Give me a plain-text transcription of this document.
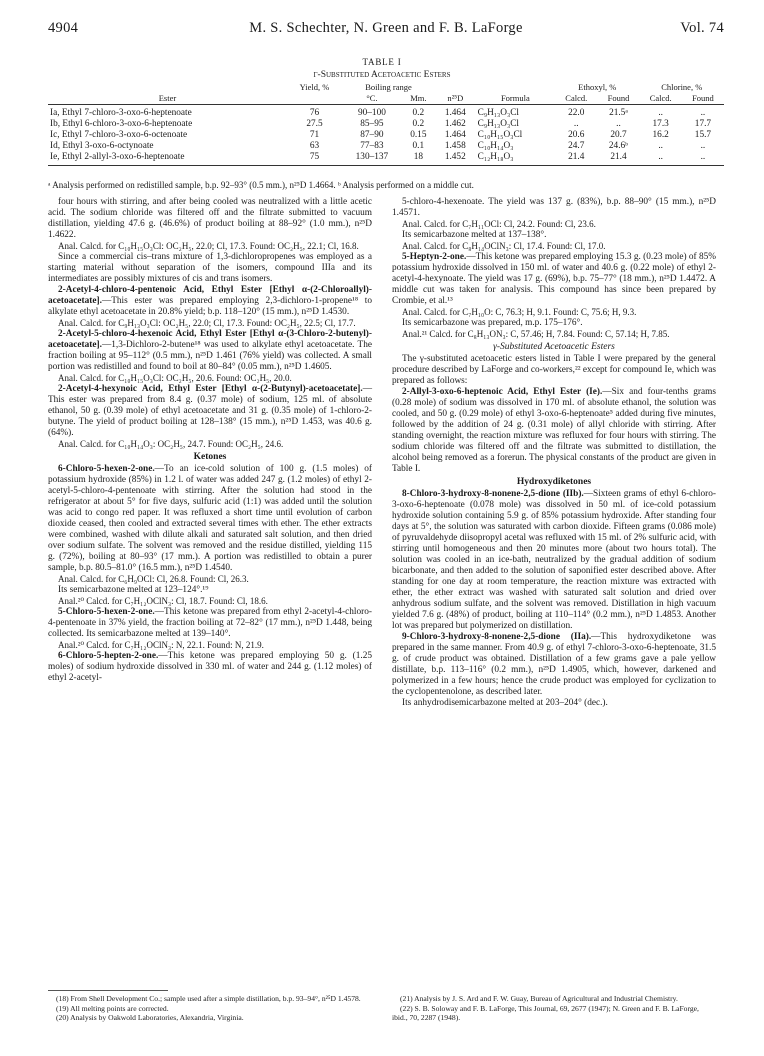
4904	M. S. Schechter, N. Green and F. B. LaForge	Vol. 74
TABLE I
γ-Substituted Acetoacetic Esters
	Yield, %	Boiling range				Ethoxyl, %		Chlorine, %	
Ester		°C.	Mm.	n²⁵D	Formula	Calcd.	Found	Calcd.	Found
Ia, Ethyl 7-chloro-3-oxo-6-heptenoate	76	90–100	0.2	1.464	C₉H₁₃O₃Cl	22.0	21.5ᵃ	..	..
Ib, Ethyl 6-chloro-3-oxo-6-heptenoate	27.5	85–95	0.2	1.462	C₉H₁₃O₃Cl	..	..	17.3	17.7
Ic, Ethyl 7-chloro-3-oxo-6-octenoate	71	87–90	0.15	1.464	C₁₀H₁₅O₃Cl	20.6	20.7	16.2	15.7
Id, Ethyl 3-oxo-6-octynoate	63	77–83	0.1	1.458	C₁₀H₁₄O₃	24.7	24.6ᵇ	..	..
Ie, Ethyl 2-allyl-3-oxo-6-heptenoate	75	130–137	18	1.452	C₁₂H₁₈O₃	21.4	21.4	..	..
ᵃ Analysis performed on redistilled sample, b.p. 92–93° (0.5 mm.), n²⁵D 1.4664. ᵇ Analysis performed on a middle cut.

four hours with stirring, and after being cooled was neutralized with a little acetic acid. The sodium chloride was filtered off and the filtrate submitted to vacuum distillation, yielding 47.6 g. (46.6%) of product boiling at 88–92° (1.0 mm.), n²⁵D 1.4622.

Anal. Calcd. for C₁₀H₁₅O₃Cl: OC₂H₅, 22.0; Cl, 17.3. Found: OC₂H₅, 22.1; Cl, 16.8.

Since a commercial cis–trans mixture of 1,3-dichloropropenes was employed as a starting material without separation of the isomers, compound IIIa and its intermediates are possibly mixtures of cis and trans isomers.

2-Acetyl-4-chloro-4-pentenoic Acid, Ethyl Ester [Ethyl α-(2-Chloroallyl)-acetoacetate].—This ester was prepared employing 2,3-dichloro-1-propene¹⁸ to alkylate ethyl acetoacetate in 20.8% yield; b.p. 118–120° (15 mm.), n²⁵D 1.4530.

Anal. Calcd. for C₉H₁₃O₃Cl: OC₂H₅, 22.0; Cl, 17.3. Found: OC₂H₅, 22.5; Cl, 17.7.

2-Acetyl-5-chloro-4-hexenoic Acid, Ethyl Ester [Ethyl α-(3-Chloro-2-butenyl)-acetoacetate].—1,3-Dichloro-2-butene¹⁸ was used to alkylate ethyl acetoacetate. The fraction boiling at 95–112° (0.5 mm.), n²⁵D 1.461 (76% yield) was collected. A small portion was redistilled and found to boil at 80–84° (0.05 mm.), n²⁵D 1.4605.

Anal. Calcd. for C₁₀H₁₅O₃Cl: OC₂H₅, 20.6. Found: OC₂H₅, 20.0.

2-Acetyl-4-hexynoic Acid, Ethyl Ester [Ethyl α-(2-Butynyl)-acetoacetate].—This ester was prepared from 8.4 g. (0.37 mole) of sodium, 125 ml. of absolute ethanol, 50 g. (0.39 mole) of ethyl acetoacetate and 31 g. (0.35 mole) of 1-chloro-2-butyne. The yield of product boiling at 128–138° (15 mm.), n²⁵D 1.453, was 40.6 g. (64%).

Anal. Calcd. for C₁₀H₁₄O₃: OC₂H₅, 24.7. Found: OC₂H₅, 24.6.

Ketones

6-Chloro-5-hexen-2-one.—To an ice-cold solution of 100 g. (1.5 moles) of potassium hydroxide (85%) in 1.2 l. of water was added 247 g. (1.2 moles) of ethyl 2-acetyl-5-chloro-4-pentenoate with stirring. After the solution had stood in the refrigerator at about 5° for five days, sulfuric acid (1:1) was added until the solution was acid to congo red paper. It was refluxed a short time until evolution of carbon dioxide ceased, then cooled and extracted several times with ether. The ether extracts were combined, washed with dilute alkali and saturated salt solution, and then dried over sodium sulfate. The solvent was removed and the residue distilled, yielding 115 g. (72%), boiling at 80–93° (17 mm.). A portion was redistilled to obtain a purer sample, b.p. 80.5–81.0° (16.5 mm.), n²⁵D 1.4540.

Anal. Calcd. for C₆H₉OCl: Cl, 26.8. Found: Cl, 26.3.

Its semicarbazone melted at 123–124°.¹⁹

Anal.²⁰ Calcd. for C₇H₁₂OClN₃: Cl, 18.7. Found: Cl, 18.6.

5-Chloro-5-hexen-2-one.—This ketone was prepared from ethyl 2-acetyl-4-chloro-4-pentenoate in 37% yield, the fraction boiling at 72–82° (17 mm.), n²⁵D 1.448, being collected. Its semicarbazone melted at 139–140°.

Anal.²⁰ Calcd. for C₇H₁₂OClN₃: N, 22.1. Found: N, 21.9.

6-Chloro-5-hepten-2-one.—This ketone was prepared employing 50 g. (1.25 moles) of sodium hydroxide dissolved in 330 ml. of water and 244 g. (1.12 moles) of ethyl 2-acetyl-

5-chloro-4-hexenoate. The yield was 137 g. (83%), b.p. 88–90° (15 mm.), n²⁵D 1.4571.

Anal. Calcd. for C₇H₁₁OCl: Cl, 24.2. Found: Cl, 23.6.

Its semicarbazone melted at 137–138°.

Anal. Calcd. for C₈H₁₄OClN₃: Cl, 17.4. Found: Cl, 17.0.

5-Heptyn-2-one.—This ketone was prepared employing 15.3 g. (0.23 mole) of 85% potassium hydroxide dissolved in 150 ml. of water and 40.6 g. (0.22 mole) of ethyl 2-acetyl-4-hexynoate. The yield was 17 g. (69%), b.p. 75–77° (18 mm.), n²⁵D 1.4472. A middle cut was taken for analysis. This compound has since been prepared by Crombie, et al.¹³

Anal. Calcd. for C₇H₁₀O: C, 76.3; H, 9.1. Found: C, 75.6; H, 9.3.

Its semicarbazone was prepared, m.p. 175–176°.

Anal.²¹ Calcd. for C₈H₁₃ON₃: C, 57.46; H, 7.84. Found: C, 57.14; H, 7.85.

γ-Substituted Acetoacetic Esters

The γ-substituted acetoacetic esters listed in Table I were prepared by the general procedure described by LaForge and co-workers,²² except for compound Ie, which was prepared as follows:

2-Allyl-3-oxo-6-heptenoic Acid, Ethyl Ester (Ie).—Six and four-tenths grams (0.28 mole) of sodium was dissolved in 170 ml. of absolute ethanol, the solution was cooled, and 50 g. (0.29 mole) of ethyl 3-oxo-6-heptenoate⁵ added during five minutes, followed by the addition of 24 g. (0.31 mole) of allyl chloride with stirring. After standing overnight, the reaction mixture was refluxed for four hours with stirring. The sodium chloride was filtered off and the filtrate was submitted to distillation, the alcohol being removed as a forerun. The physical constants of the product are given in Table I.

Hydroxydiketones

8-Chloro-3-hydroxy-8-nonene-2,5-dione (IIb).—Sixteen grams of ethyl 6-chloro-3-oxo-6-heptenoate (0.078 mole) was dissolved in 50 ml. of ice-cold potassium hydroxide solution containing 5.9 g. of 85% potassium hydroxide. After standing four days at 5°, the solution was saturated with carbon dioxide. Fifteen grams (0.086 mole) of pyruvaldehyde diisopropyl acetal was refluxed with 15 ml. of 2% sulfuric acid, with stirring until homogeneous and then 20 minutes more (about two hours total). The solution was cooled in an ice-bath, neutralized by the gradual addition of sodium bicarbonate, and then added to the solution of saponified ester described above. After standing for one day at room temperature, the reaction mixture was extracted with ether, the ether extract was washed with saturated salt solution and dried over anhydrous sodium sulfate, and the solvent was removed. Distillation in high vacuum yielded 7.6 g. (48%) of product, boiling at 110–114° (0.2 mm.), n²⁵D 1.4853. Another lot was prepared but polymerized on distillation.

9-Chloro-3-hydroxy-8-nonene-2,5-dione (IIa).—This hydroxydiketone was prepared in the same manner. From 40.9 g. of ethyl 7-chloro-3-oxo-6-heptenoate, 31.5 g. of crude product was obtained. Distillation of a few grams gave a pale yellow distillate, b.p. 113–116° (0.2 mm.), n²⁵D 1.4905, which, however, darkened and polymerized in a few hours; hence the crude product was employed for cyclization to the cyclopentenolone, as described later.

Its anhydrodisemicarbazone melted at 203–204° (dec.).

(18) From Shell Development Co.; sample used after a simple distillation, b.p. 93–94°, n²⁵D 1.4578.
(19) All melting points are corrected.
(20) Analysis by Oakwold Laboratories, Alexandria, Virginia.
(21) Analysis by J. S. Ard and F. W. Guay, Bureau of Agricultural and Industrial Chemistry.
(22) S. B. Soloway and F. B. LaForge, This Journal, 69, 2677 (1947); N. Green and F. B. LaForge, ibid., 70, 2287 (1948).
